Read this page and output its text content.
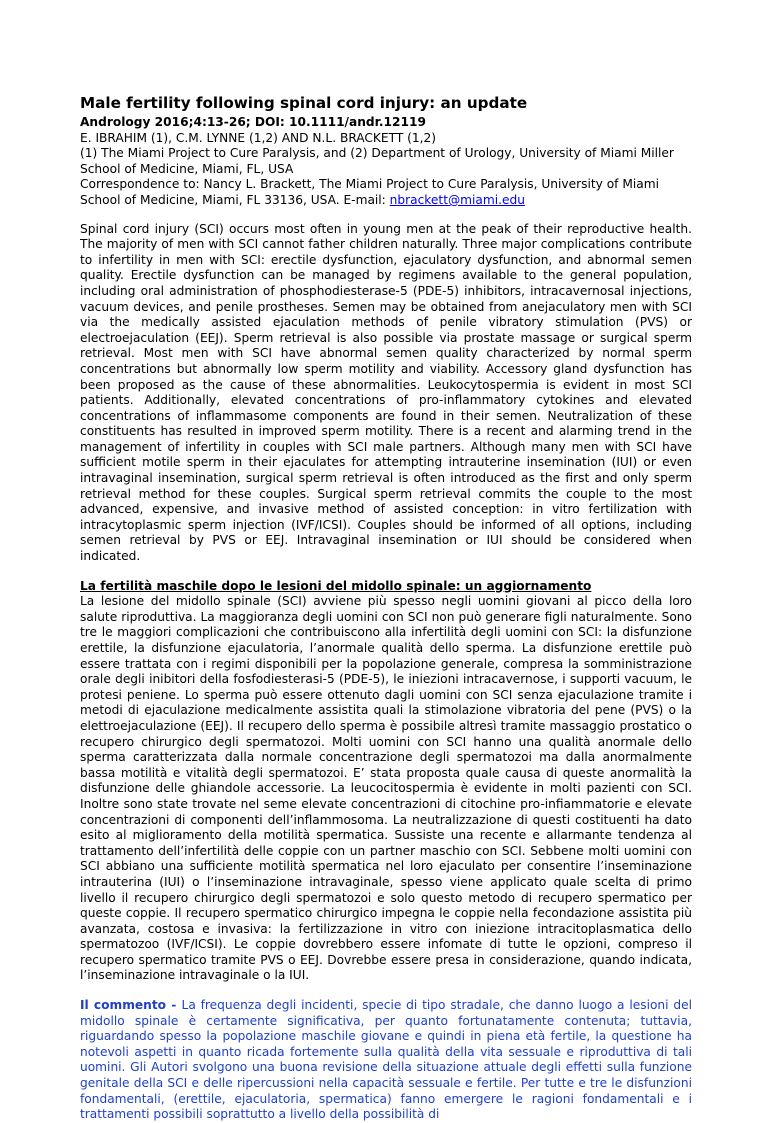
Male fertility following spinal cord injury: an update

Andrology 2016;4:13-26; DOI: 10.1111/andr.12119

E. IBRAHIM (1), C.M. LYNNE (1,2) AND N.L. BRACKETT (1,2)

(1) The Miami Project to Cure Paralysis, and (2) Department of Urology, University of Miami Miller School of Medicine, Miami, FL, USA

Correspondence to: Nancy L. Brackett, The Miami Project to Cure Paralysis, University of Miami School of Medicine, Miami, FL 33136, USA. E-mail: nbrackett@miami.edu

Spinal cord injury (SCI) occurs most often in young men at the peak of their reproductive health. The majority of men with SCI cannot father children naturally. Three major complications contribute to infertility in men with SCI: erectile dysfunction, ejaculatory dysfunction, and abnormal semen quality. Erectile dysfunction can be managed by regimens available to the general population, including oral administration of phosphodiesterase-5 (PDE-5) inhibitors, intracavernosal injections, vacuum devices, and penile prostheses. Semen may be obtained from anejaculatory men with SCI via the medically assisted ejaculation methods of penile vibratory stimulation (PVS) or electroejaculation (EEJ). Sperm retrieval is also possible via prostate massage or surgical sperm retrieval. Most men with SCI have abnormal semen quality characterized by normal sperm concentrations but abnormally low sperm motility and viability. Accessory gland dysfunction has been proposed as the cause of these abnormalities. Leukocytospermia is evident in most SCI patients. Additionally, elevated concentrations of pro-inflammatory cytokines and elevated concentrations of inflammasome components are found in their semen. Neutralization of these constituents has resulted in improved sperm motility. There is a recent and alarming trend in the management of infertility in couples with SCI male partners. Although many men with SCI have sufficient motile sperm in their ejaculates for attempting intrauterine insemination (IUI) or even intravaginal insemination, surgical sperm retrieval is often introduced as the first and only sperm retrieval method for these couples. Surgical sperm retrieval commits the couple to the most advanced, expensive, and invasive method of assisted conception: in vitro fertilization with intracytoplasmic sperm injection (IVF/ICSI). Couples should be informed of all options, including semen retrieval by PVS or EEJ. Intravaginal insemination or IUI should be considered when indicated.

La fertilità maschile dopo le lesioni del midollo spinale: un aggiornamento

La lesione del midollo spinale (SCI) avviene più spesso negli uomini giovani al picco della loro salute riproduttiva. La maggioranza degli uomini con SCI non può generare figli naturalmente. Sono tre le maggiori complicazioni che contribuiscono alla infertilità degli uomini con SCI: la disfunzione erettile, la disfunzione ejaculatoria, l’anormale qualità dello sperma. La disfunzione erettile può essere trattata con i regimi disponibili per la popolazione generale, compresa la somministrazione orale degli inibitori della fosfodiesterasi-5 (PDE-5), le iniezioni intracavernose, i supporti vacuum, le protesi peniene. Lo sperma può essere ottenuto dagli uomini con SCI senza ejaculazione tramite i metodi di ejaculazione medicalmente assistita quali la stimolazione vibratoria del pene (PVS) o la elettroejaculazione (EEJ). Il recupero dello sperma è possibile altresì tramite massaggio prostatico o recupero chirurgico degli spermatozoi. Molti uomini con SCI hanno una qualità anormale dello sperma caratterizzata dalla normale concentrazione degli spermatozoi ma dalla anormalmente bassa motilità e vitalità degli spermatozoi. E’ stata proposta quale causa di queste anormalità la disfunzione delle ghiandole accessorie. La leucocitospermia è evidente in molti pazienti con SCI. Inoltre sono state trovate nel seme elevate concentrazioni di citochine pro-infiammatorie e elevate concentrazioni di componenti dell’inflammosoma. La neutralizzazione di questi costituenti ha dato esito al miglioramento della motilità spermatica. Sussiste una recente e allarmante tendenza al trattamento dell’infertilità delle coppie con un partner maschio con SCI. Sebbene molti uomini con SCI abbiano una sufficiente motilità spermatica nel loro ejaculato per consentire l’inseminazione intrauterina (IUI) o l’inseminazione intravaginale, spesso viene applicato quale scelta di primo livello il recupero chirurgico degli spermatozoi e solo questo metodo di recupero spermatico per queste coppie. Il recupero spermatico chirurgico impegna le coppie nella fecondazione assistita più avanzata, costosa e invasiva: la fertilizzazione in vitro con iniezione intracitoplasmatica dello spermatozoo (IVF/ICSI). Le coppie dovrebbero essere infomate di tutte le opzioni, compreso il recupero spermatico tramite PVS o EEJ. Dovrebbe essere presa in considerazione, quando indicata, l’inseminazione intravaginale o la IUI.

Il commento - La frequenza degli incidenti, specie di tipo stradale, che danno luogo a lesioni del midollo spinale è certamente significativa, per quanto fortunatamente contenuta; tuttavia, riguardando spesso la popolazione maschile giovane e quindi in piena età fertile, la questione ha notevoli aspetti in quanto ricada fortemente sulla qualità della vita sessuale e riproduttiva di tali uomini. Gli Autori svolgono una buona revisione della situazione attuale degli effetti sulla funzione genitale della SCI e delle ripercussioni nella capacità sessuale e fertile. Per tutte e tre le disfunzioni fondamentali, (erettile, ejaculatoria, spermatica) fanno emergere le ragioni fondamentali e i trattamenti possibili soprattutto a livello della possibilità di
